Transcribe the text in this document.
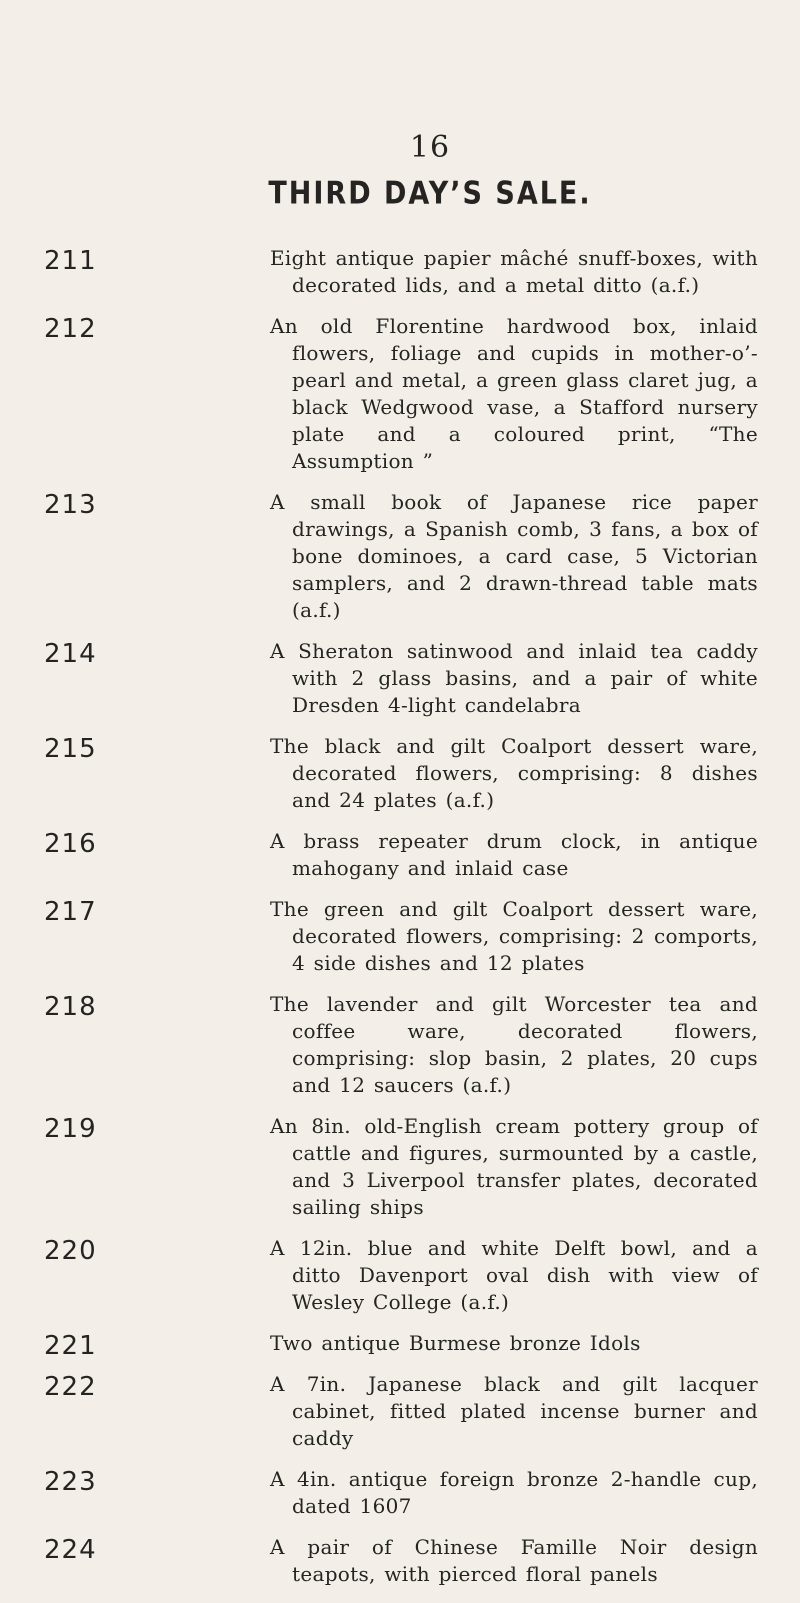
16
THIRD DAY’S SALE.
211	Eight antique papier mâché snuff-boxes, with decorated lids, and a metal ditto (a.f.)
212	An old Florentine hardwood box, inlaid flowers, foliage and cupids in mother-o’-pearl and metal, a green glass claret jug, a black Wedgwood vase, a Stafford nursery plate and a coloured print, “The Assumption ”
213	A small book of Japanese rice paper drawings, a Spanish comb, 3 fans, a box of bone dominoes, a card case, 5 Victorian samplers, and 2 drawn-thread table mats (a.f.)
214	A Sheraton satinwood and inlaid tea caddy with 2 glass basins, and a pair of white Dresden 4-light candelabra
215	The black and gilt Coalport dessert ware, decorated flowers, comprising: 8 dishes and 24 plates (a.f.)
216	A brass repeater drum clock, in antique mahogany and inlaid case
217	The green and gilt Coalport dessert ware, decorated flowers, comprising: 2 comports, 4 side dishes and 12 plates
218	The lavender and gilt Worcester tea and coffee ware, decorated flowers, comprising: slop basin, 2 plates, 20 cups and 12 saucers (a.f.)
219	An 8in. old-English cream pottery group of cattle and figures, surmounted by a castle, and 3 Liverpool transfer plates, decorated sailing ships
220	A 12in. blue and white Delft bowl, and a ditto Davenport oval dish with view of Wesley College (a.f.)
221	Two antique Burmese bronze Idols
222	A 7in. Japanese black and gilt lacquer cabinet, fitted plated incense burner and caddy
223	A 4in. antique foreign bronze 2-handle cup, dated 1607
224	A pair of Chinese Famille Noir design teapots, with pierced floral panels
